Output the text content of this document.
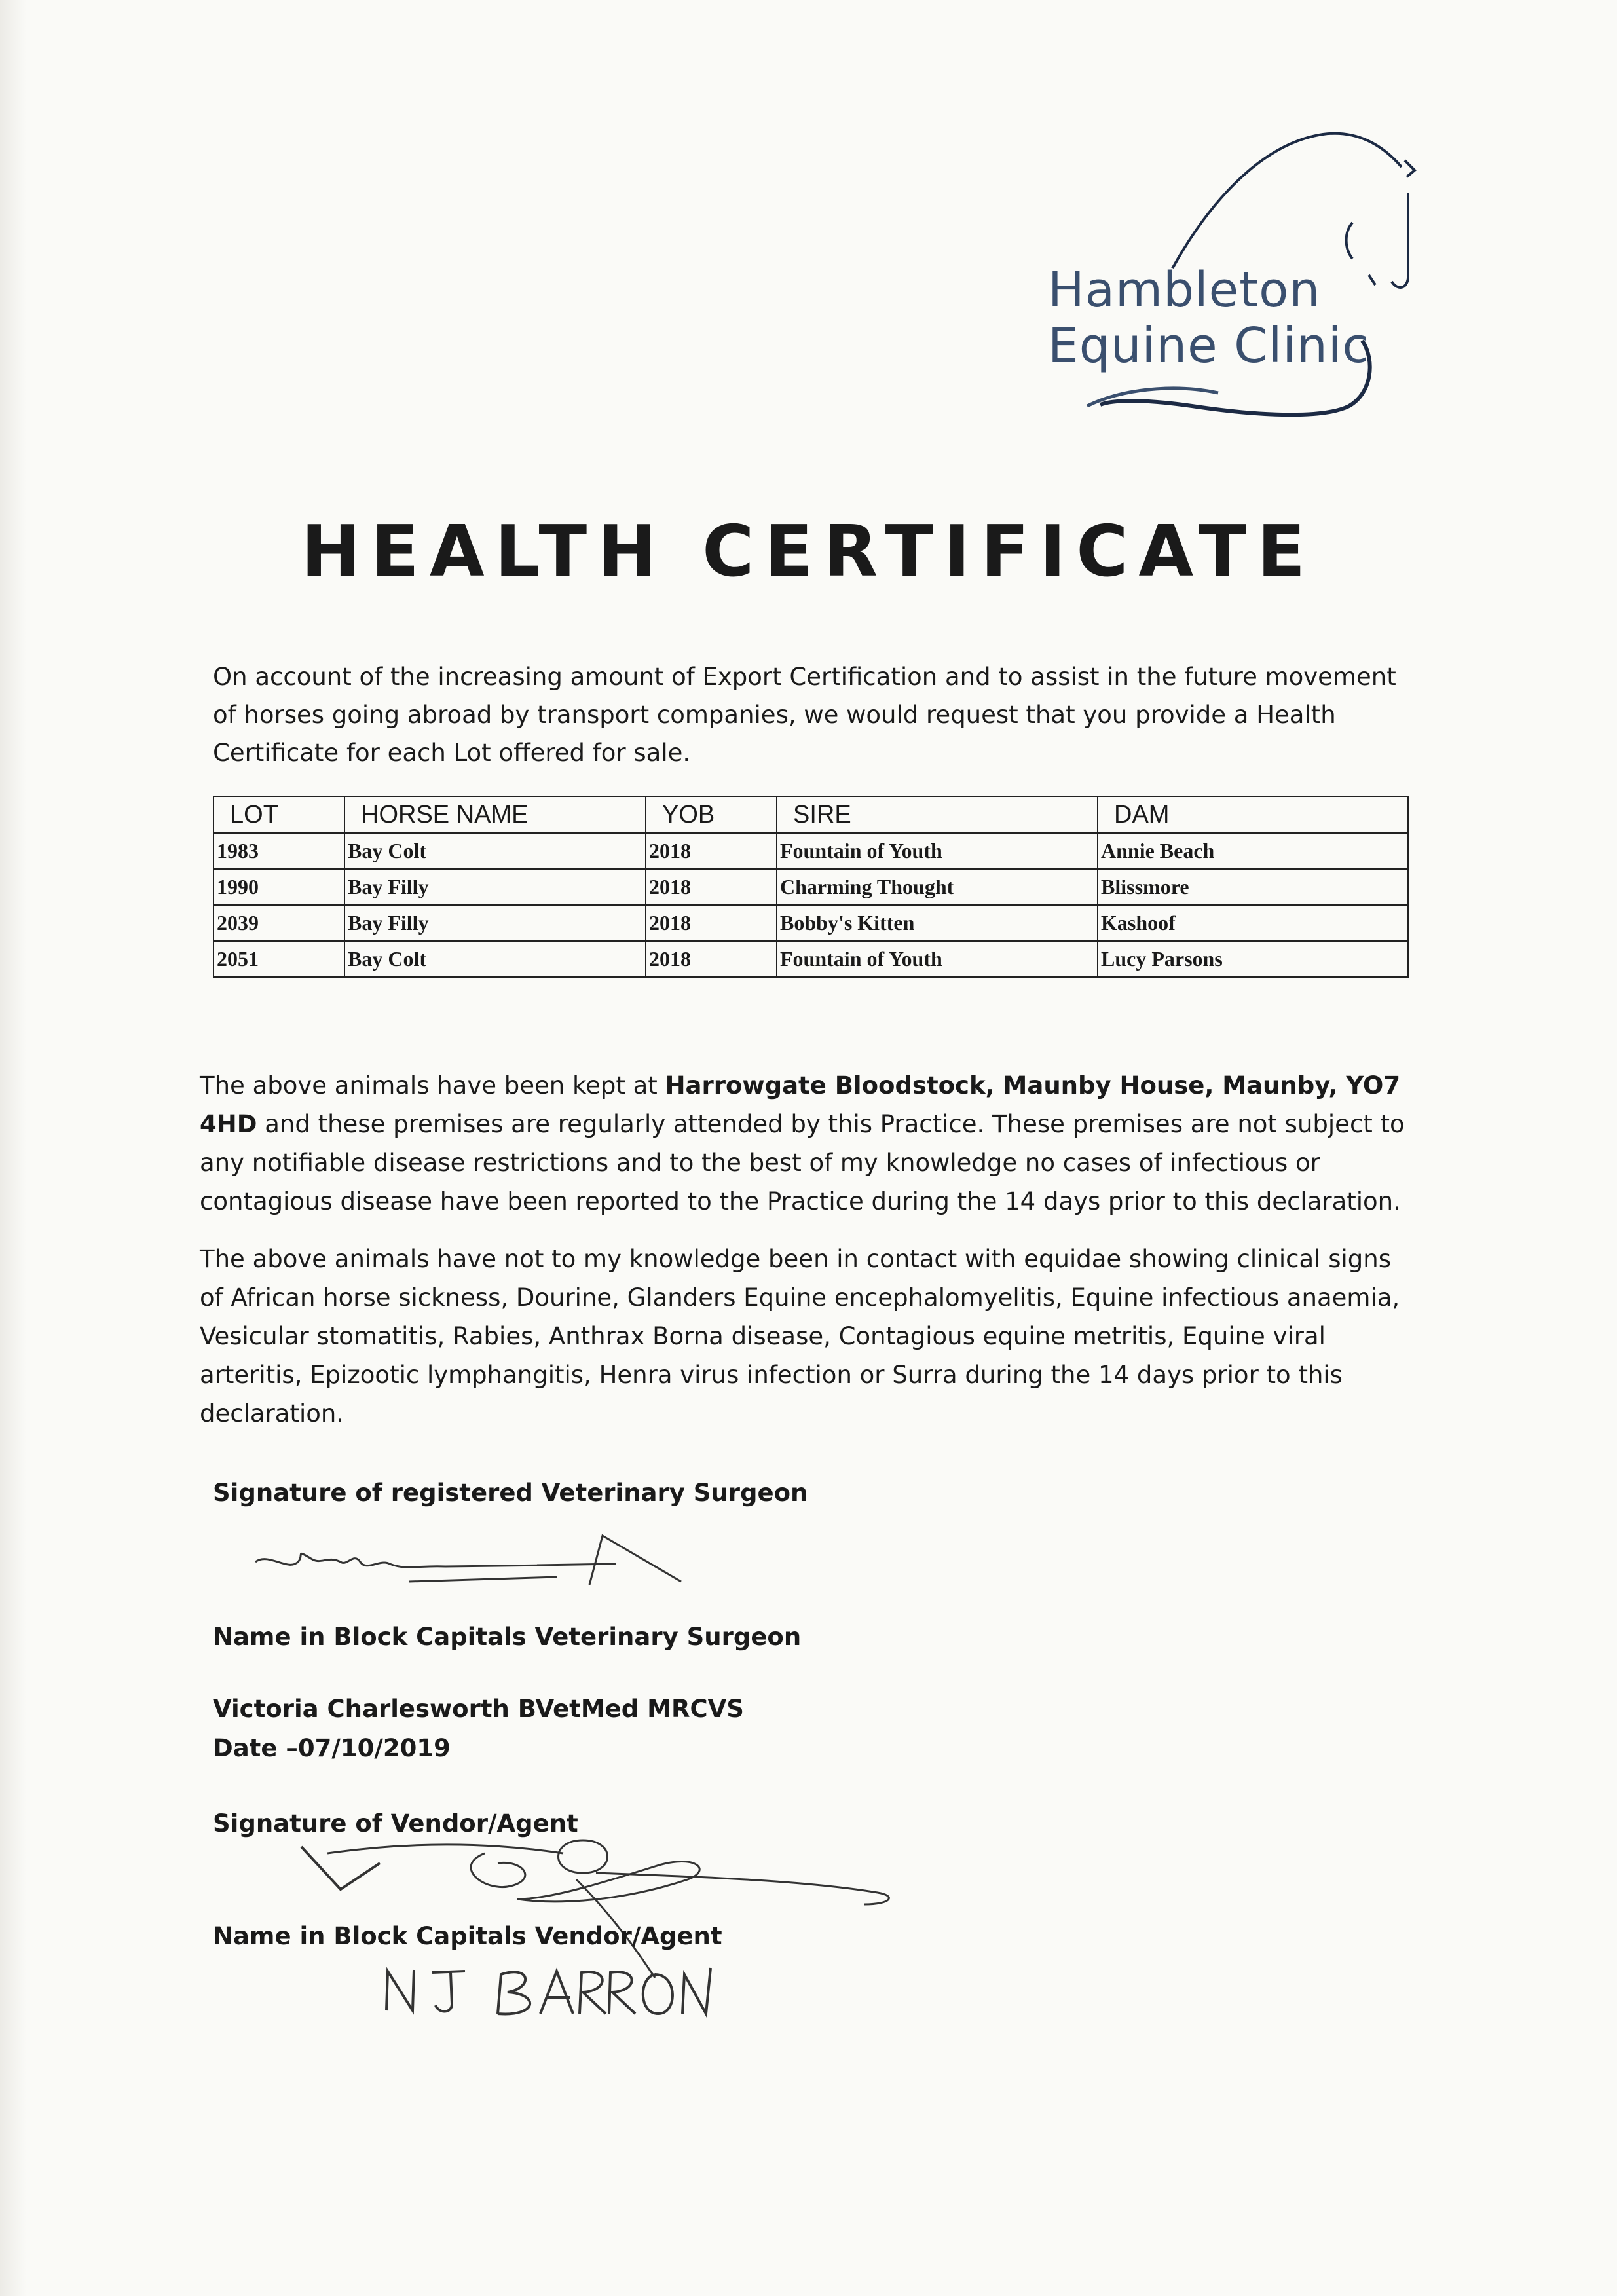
Hambleton
Equine Clinic
HEALTH CERTIFICATE

On account of the increasing amount of Export Certification and to assist in the future movement of horses going abroad by transport companies, we would request that you provide a Health Certificate for each Lot offered for sale.

LOT	HORSE NAME	YOB	SIRE	DAM
1983	Bay Colt	2018	Fountain of Youth	Annie Beach
1990	Bay Filly	2018	Charming Thought	Blissmore
2039	Bay Filly	2018	Bobby's Kitten	Kashoof
2051	Bay Colt	2018	Fountain of Youth	Lucy Parsons

The above animals have been kept at Harrowgate Bloodstock, Maunby House, Maunby, YO7 4HD and these premises are regularly attended by this Practice. These premises are not subject to any notifiable disease restrictions and to the best of my knowledge no cases of infectious or contagious disease have been reported to the Practice during the 14 days prior to this declaration.

The above animals have not to my knowledge been in contact with equidae showing clinical signs of African horse sickness, Dourine, Glanders Equine encephalomyelitis, Equine infectious anaemia, Vesicular stomatitis, Rabies, Anthrax Borna disease, Contagious equine metritis, Equine viral arteritis, Epizootic lymphangitis, Henra virus infection or Surra during the 14 days prior to this declaration.

Signature of registered Veterinary Surgeon
Name in Block Capitals Veterinary Surgeon
Victoria Charlesworth BVetMed MRCVS
Date –07/10/2019
Signature of Vendor/Agent
Name in Block Capitals Vendor/Agent
